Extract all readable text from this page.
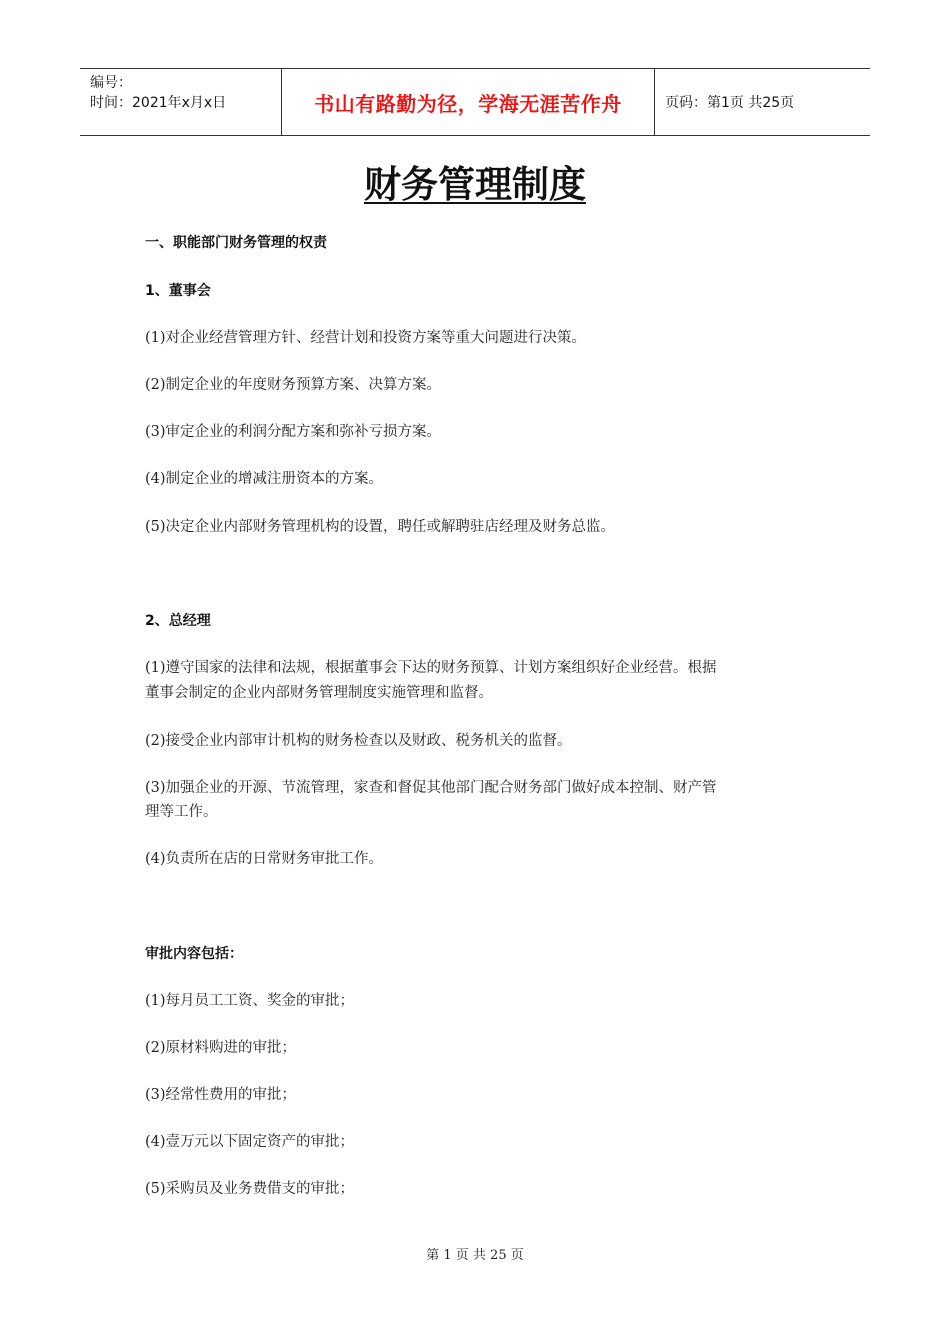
编号：
时间：2021年x月x日	书山有路勤为径，学海无涯苦作舟	页码：第1页 共25页
财务管理制度
一、职能部门财务管理的权责
1、董事会
(1)对企业经营管理方针、经营计划和投资方案等重大问题进行决策。
(2)制定企业的年度财务预算方案、决算方案。
(3)审定企业的利润分配方案和弥补亏损方案。
(4)制定企业的增减注册资本的方案。
(5)决定企业内部财务管理机构的设置，聘任或解聘驻店经理及财务总监。
2、总经理
(1)遵守国家的法律和法规，根据董事会下达的财务预算、计划方案组织好企业经营。根据
董事会制定的企业内部财务管理制度实施管理和监督。
(2)接受企业内部审计机构的财务检查以及财政、税务机关的监督。
(3)加强企业的开源、节流管理，家查和督促其他部门配合财务部门做好成本控制、财产管
理等工作。
(4)负责所在店的日常财务审批工作。
审批内容包括：
(1)每月员工工资、奖金的审批；
(2)原材料购进的审批；
(3)经常性费用的审批；
(4)壹万元以下固定资产的审批；
(5)采购员及业务费借支的审批；
第 1 页 共 25 页
